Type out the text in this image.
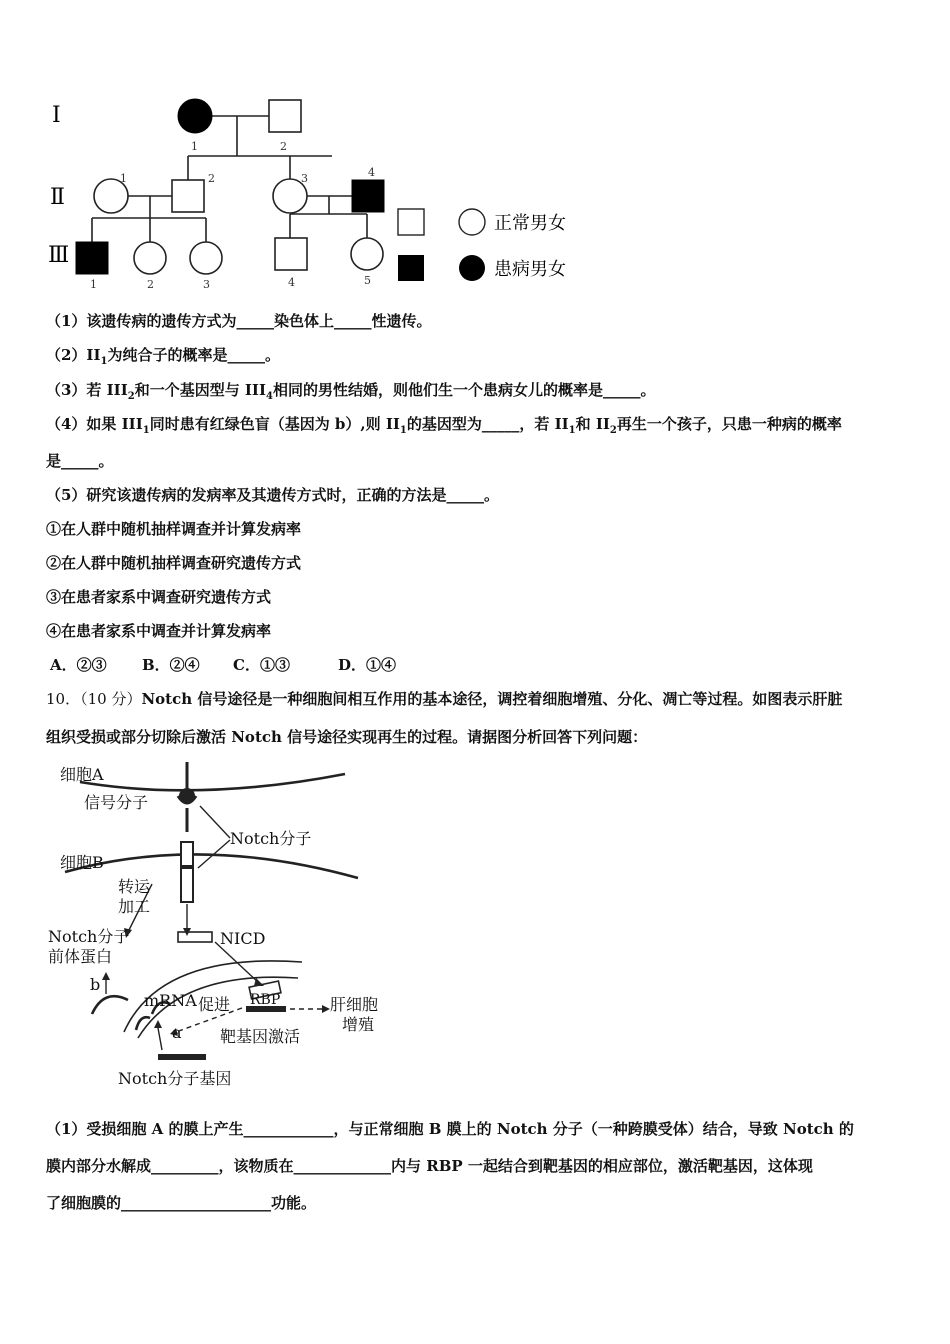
Ⅰ
Ⅱ
Ⅲ
1	2
1	2	3	4
1	2	3	4	5
正常男女
患病男女
（1）该遗传病的遗传方式为_____染色体上_____性遗传。
$(2)II_1$为纯合子的概率是_____。
（3）若 $III_2$和一个基因型与 $III_4$相同的男性结婚，则他们生一个患病女儿的概率是_____。
（4）如果 $III_1$同时患有红绿色盲（基因为 b）,则 $II_1$的基因型为_____，若 $II_1$和 $II_2$再生一个孩子，只患一种病的概率
是_____。
（5）研究该遗传病的发病率及其遗传方式时，正确的方法是_____。
①在人群中随机抽样调查并计算发病率
②在人群中随机抽样调查研究遗传方式
③在患者家系中调查研究遗传方式
④在患者家系中调查并计算发病率
A．②③ B．②④ C．①③	D．①④
10．（10 分）Notch 信号途径是一种细胞间相互作用的基本途径，调控着细胞增殖、分化、凋亡等过程。如图表示肝脏
组织受损或部分切除后激活 Notch 信号途径实现再生的过程。请据图分析回答下列问题：
细胞A
信号分子
Notch分子
细胞B
转运
加工
NICD
Notch分子
前体蛋白
b
mRNA 促进 RBP	肝细胞
增殖
a 靶基因激活
Notch分子基因
（1）受损细胞 A 的膜上产生____________，与正常细胞 B 膜上的 Notch 分子（一种跨膜受体）结合，导致 Notch 的
膜内部分水解成_________，该物质在_____________内与 RBP 一起结合到靶基因的相应部位，激活靶基因，这体现
了细胞膜的____________________功能。
